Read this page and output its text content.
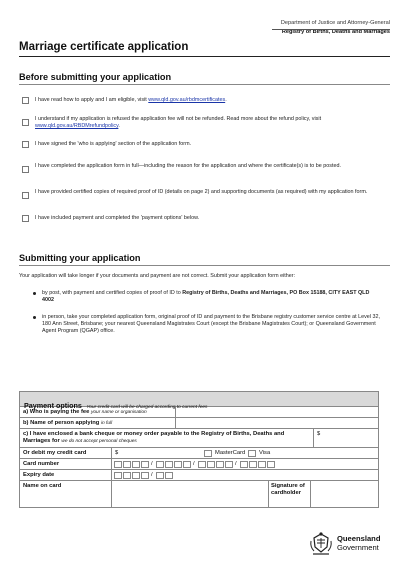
Department of Justice and Attorney-General
Registry of Births, Deaths and Marriages
Marriage certificate application
Before submitting your application
I have read how to apply and I am eligible, visit www.qld.gov.au/rbdmcertificates.
I understand if my application is refused the application fee will not be refunded. Read more about the refund policy, visit www.qld.gov.au/RBDMrefundpolicy.
I have signed the 'who is applying' section of the application form.
I have completed the application form in full—including the reason for the application and where the certificate(s) is to be posted.
I have provided certified copies of required proof of ID (details on page 2) and supporting documents (as required) with my application form.
I have included payment and completed the 'payment options' below.
Submitting your application
Your application will take longer if your documents and payment are not correct. Submit your application form either:
by post, with payment and certified copies of proof of ID to Registry of Births, Deaths and Marriages, PO Box 15188, CITY EAST QLD 4002
in person, take your completed application form, original proof of ID and payment to the Brisbane registry customer service centre at Level 32, 180 Ann Street, Brisbane; your nearest Queensland Magistrates Court (except the Brisbane Magistrates Court); or Queensland Government Agent Program (QGAP) office.
Payment options Your credit card will be charged according to current fees
a) Who is paying the fee your name or organisation
b) Name of person applying in full
c) I have enclosed a bank cheque or money order payable to the Registry of Births, Deaths and Marriages for we do not accept personal cheques
$
Or debit my credit card	$	MasterCard Visa
Card number	/	/	/
Expiry date	/
Name on card	Signature of cardholder
Queensland
Government
